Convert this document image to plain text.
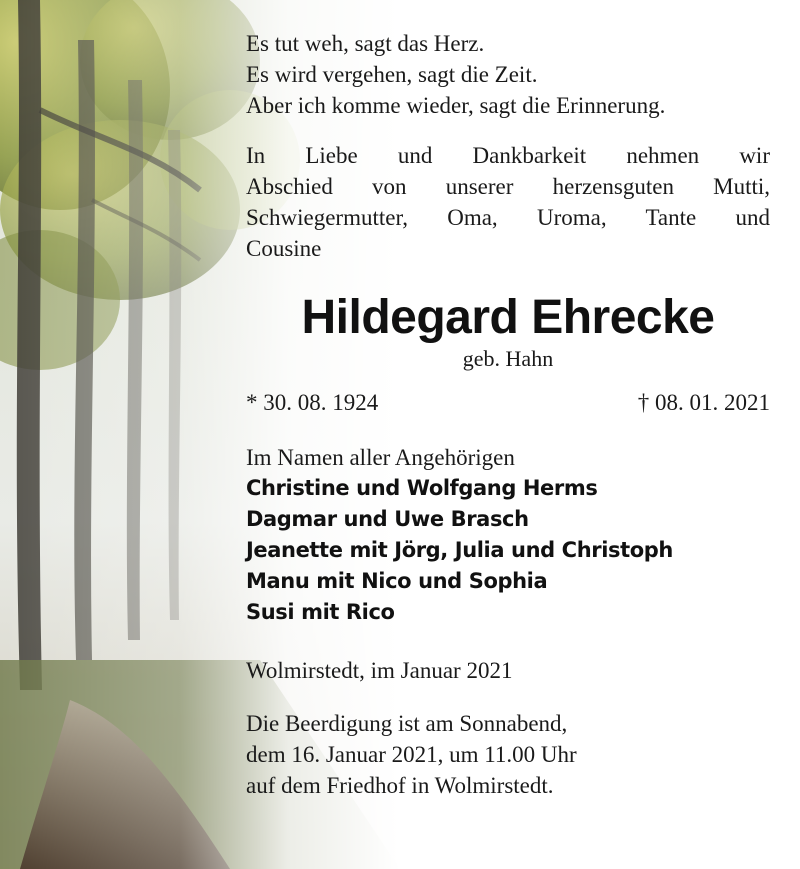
Es tut weh, sagt das Herz.
Es wird vergehen, sagt die Zeit.
Aber ich komme wieder, sagt die Erinnerung.

In Liebe und Dankbarkeit nehmen wir
Abschied von unserer herzensguten Mutti,
Schwiegermutter, Oma, Uroma, Tante und
Cousine

Hildegard Ehrecke
geb. Hahn
* 30. 08. 1924	† 08. 01. 2021

Im Namen aller Angehörigen

Christine und Wolfgang Herms
Dagmar und Uwe Brasch
Jeanette mit Jörg, Julia und Christoph
Manu mit Nico und Sophia
Susi mit Rico

Wolmirstedt, im Januar 2021

Die Beerdigung ist am Sonnabend,
dem 16. Januar 2021, um 11.00 Uhr
auf dem Friedhof in Wolmirstedt.
